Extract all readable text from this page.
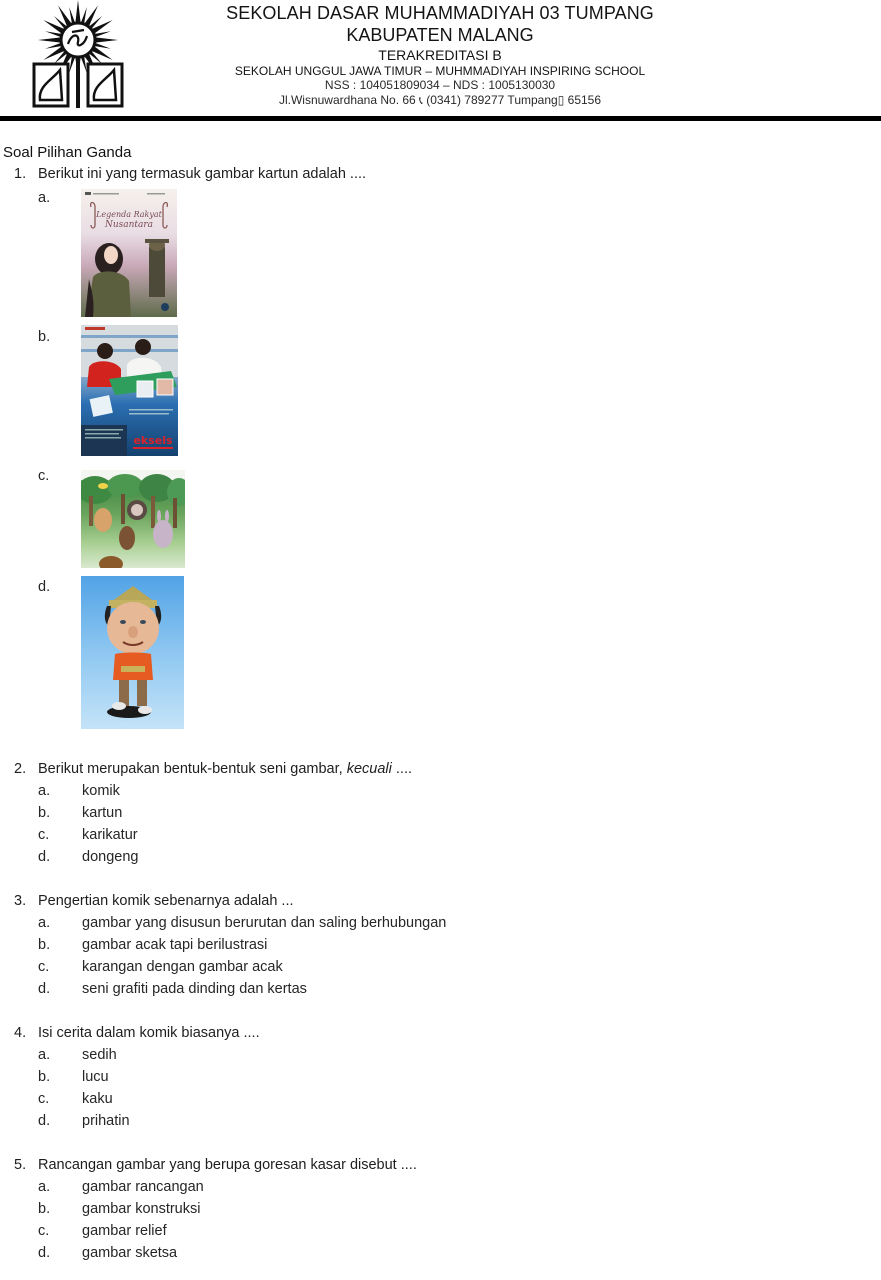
SEKOLAH DASAR MUHAMMADIYAH 03 TUMPANG
KABUPATEN MALANG
TERAKREDITASI B
SEKOLAH UNGGUL JAWA TIMUR – MUHMMADIYAH INSPIRING SCHOOL
NSS : 104051809034 – NDS : 1005130030
Jl.Wisnuwardhana No. 66 📞︎ (0341) 789277 Tumpang▯ 65156
Soal Pilihan Ganda
1. Berikut ini yang termasuk gambar kartun adalah ....
a.
Legenda Rakyat
Nusantara
b.
eksels
c.
d.
2. Berikut merupakan bentuk-bentuk seni gambar, kecuali ....
a. komik
b. kartun
c. karikatur
d. dongeng
3. Pengertian komik sebenarnya adalah ...
a. gambar yang disusun berurutan dan saling berhubungan
b. gambar acak tapi berilustrasi
c. karangan dengan gambar acak
d. seni grafiti pada dinding dan kertas
4. Isi cerita dalam komik biasanya ....
a. sedih
b. lucu
c. kaku
d. prihatin
5. Rancangan gambar yang berupa goresan kasar disebut ....
a. gambar rancangan
b. gambar konstruksi
c. gambar relief
d. gambar sketsa
